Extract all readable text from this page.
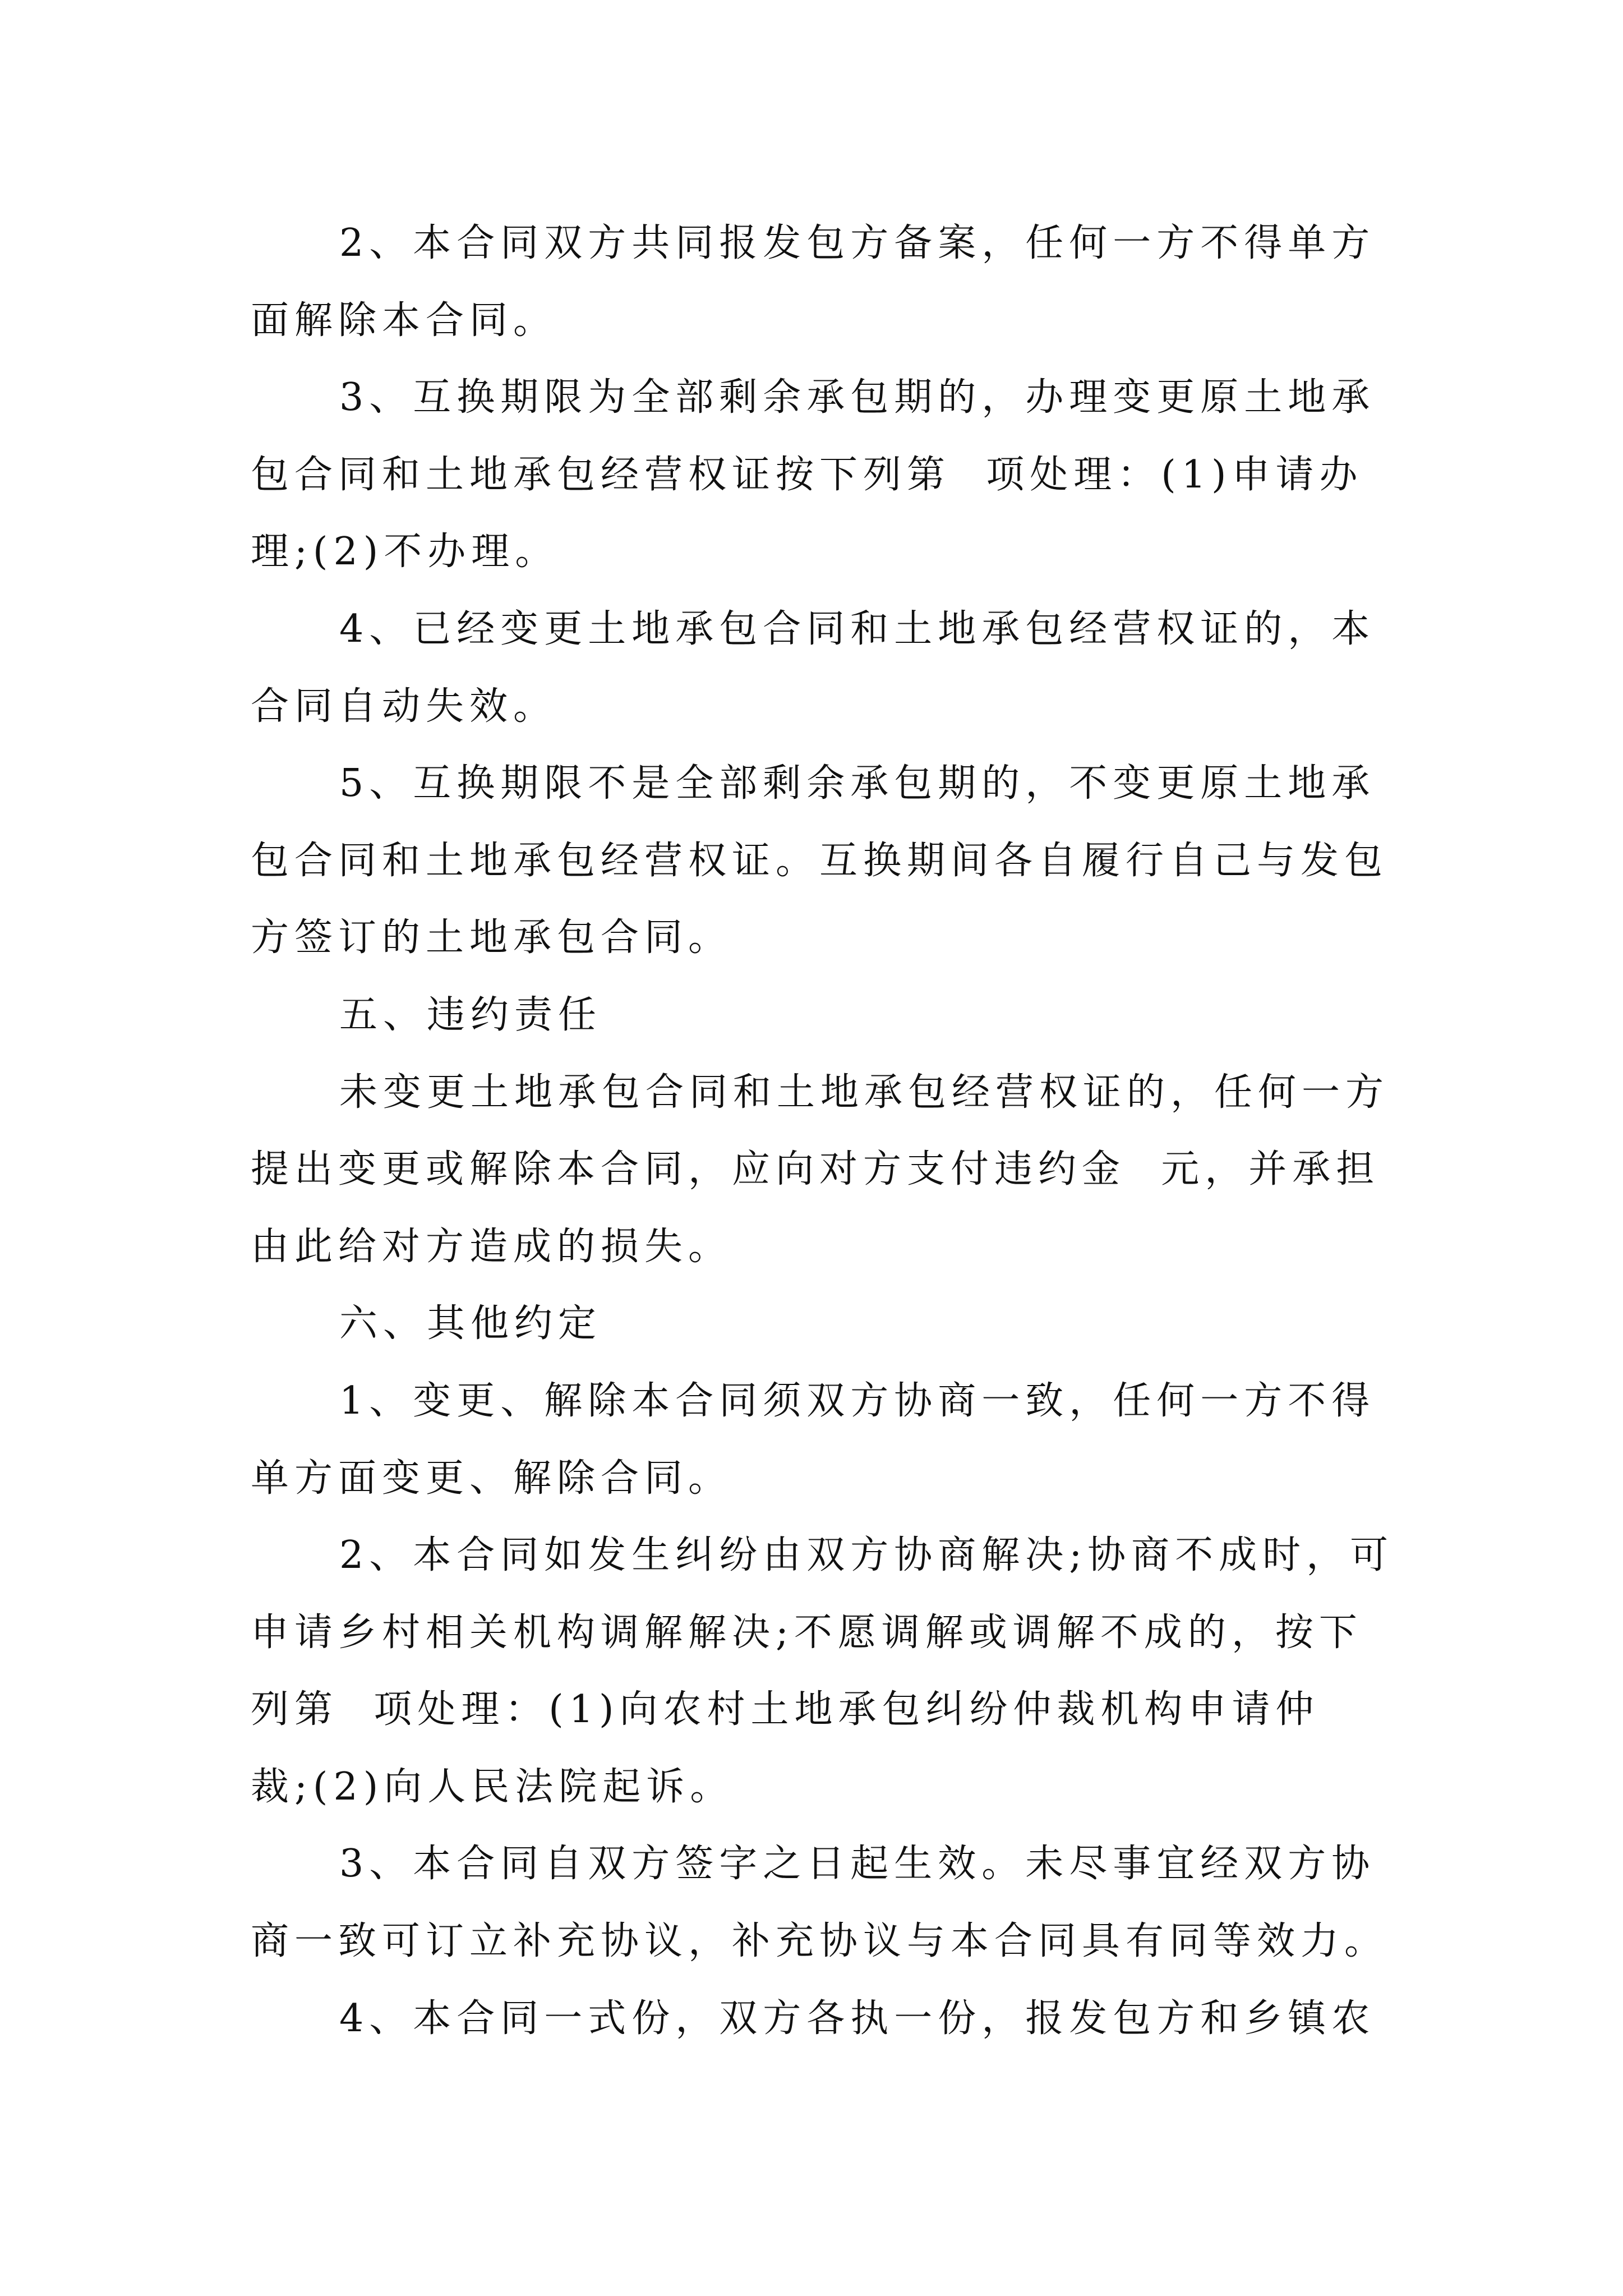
2、本合同双方共同报发包方备案，任何一方不得单方
面解除本合同。
3、互换期限为全部剩余承包期的，办理变更原土地承
包合同和土地承包经营权证按下列第  项处理：(1)申请办
理;(2)不办理。
4、已经变更土地承包合同和土地承包经营权证的，本
合同自动失效。
5、互换期限不是全部剩余承包期的，不变更原土地承
包合同和土地承包经营权证。互换期间各自履行自己与发包
方签订的土地承包合同。
五、违约责任
未变更土地承包合同和土地承包经营权证的，任何一方
提出变更或解除本合同，应向对方支付违约金  元，并承担
由此给对方造成的损失。
六、其他约定
1、变更、解除本合同须双方协商一致，任何一方不得
单方面变更、解除合同。
2、本合同如发生纠纷由双方协商解决;协商不成时，可
申请乡村相关机构调解解决;不愿调解或调解不成的，按下
列第  项处理：(1)向农村土地承包纠纷仲裁机构申请仲
裁;(2)向人民法院起诉。
3、本合同自双方签字之日起生效。未尽事宜经双方协
商一致可订立补充协议，补充协议与本合同具有同等效力。
4、本合同一式份，双方各执一份，报发包方和乡镇农
